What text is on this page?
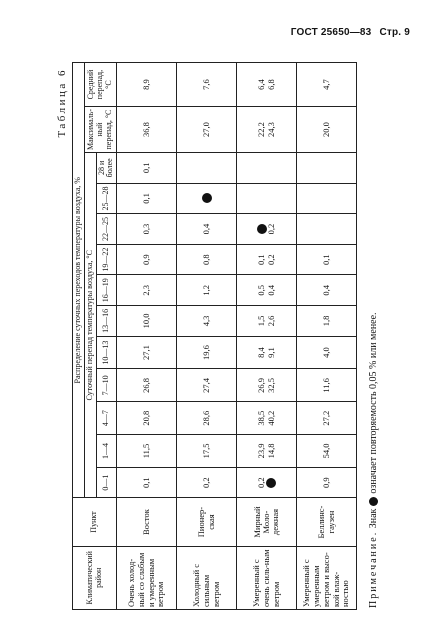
ГОСТ 25650—83 Стр. 9
Таблица 6
Климатический район	Пункт	Распределение суточных переходов температуры воздуха, %												
		Суточный перепад температуры воздуха, °C											Максималь-ный перепад, °C	Средний перепад, °C
		0—1	1—4	4—7	7—10	10—13	13—16	16—19	19—22	22—25	25—28	28 и более		
Очень холод-ный со слабым и умеренным ветром	Восток	0,1	11,5	20,8	26,8	27,1	10,0	2,3	0,9	0,3	0,1	0,1	36,8	8,9

Холодный с сильным ветром	Пионер-ская	0,2	17,5	28,6	27,4	19,6	4,3	1,2	0,8	0,4			27,0	7,6

Умеренный с очень силь-ным ветром	Мирный Моло-дежная	0,2	23,9 14,8	38,5 40,2	26,9 32,5	8,4 9,1	1,5 2,6	0,5 0,4	0,1 0,2	0,2			22,2 24,3	6,4 6,8

Умеренный с умеренным ветром и высо-кой влаж-ностью	Беллинс-гаузен	0,9	54,0	27,2	11,6	4,0	1,8	0,4	0,1				20,0	4,7
Примечание. Знакозначает повторяемость 0,05 % или менее.
